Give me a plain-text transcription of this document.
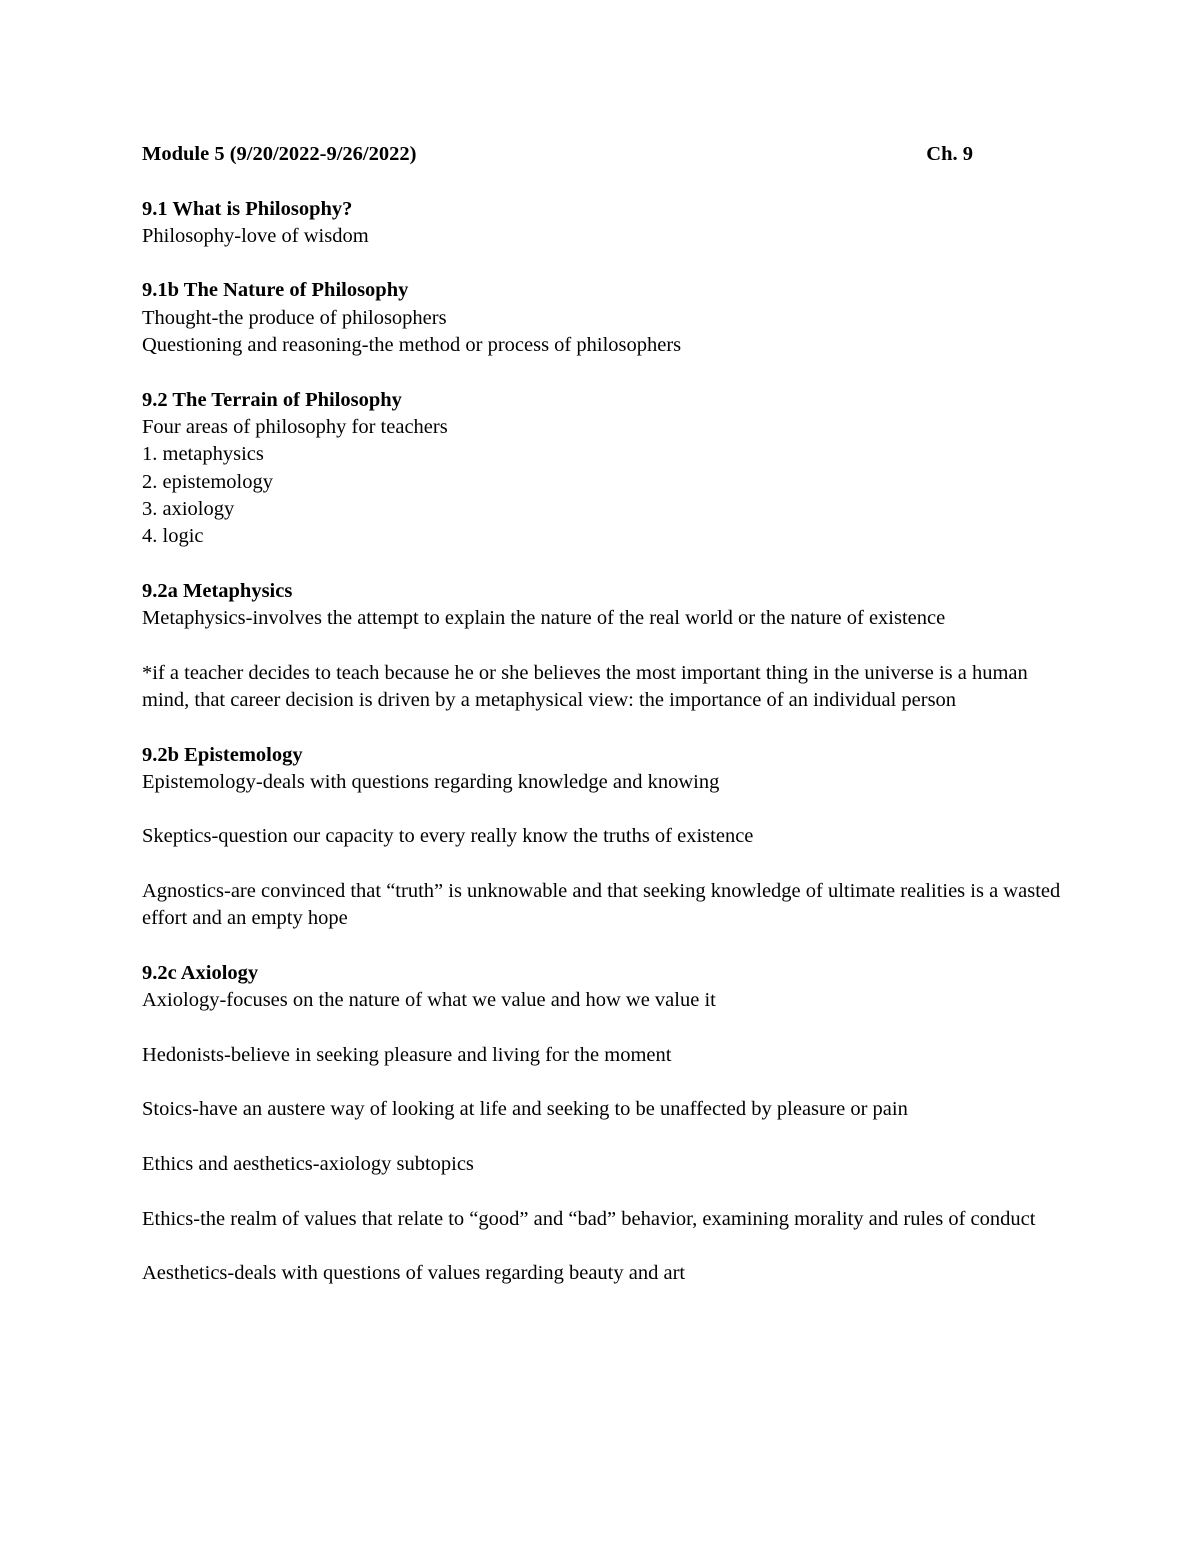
Module 5 (9/20/2022-9/26/2022)	Ch. 9
9.1 What is Philosophy?
Philosophy-love of wisdom
9.1b The Nature of Philosophy
Thought-the produce of philosophers
Questioning and reasoning-the method or process of philosophers
9.2 The Terrain of Philosophy
Four areas of philosophy for teachers
1. metaphysics
2. epistemology
3. axiology
4. logic
9.2a Metaphysics
Metaphysics-involves the attempt to explain the nature of the real world or the nature of existence
*if a teacher decides to teach because he or she believes the most important thing in the universe is a human mind, that career decision is driven by a metaphysical view: the importance of an individual person
9.2b Epistemology
Epistemology-deals with questions regarding knowledge and knowing
Skeptics-question our capacity to every really know the truths of existence
Agnostics-are convinced that “truth” is unknowable and that seeking knowledge of ultimate realities is a wasted effort and an empty hope
9.2c Axiology
Axiology-focuses on the nature of what we value and how we value it
Hedonists-believe in seeking pleasure and living for the moment
Stoics-have an austere way of looking at life and seeking to be unaffected by pleasure or pain
Ethics and aesthetics-axiology subtopics
Ethics-the realm of values that relate to “good” and “bad” behavior, examining morality and rules of conduct
Aesthetics-deals with questions of values regarding beauty and art
